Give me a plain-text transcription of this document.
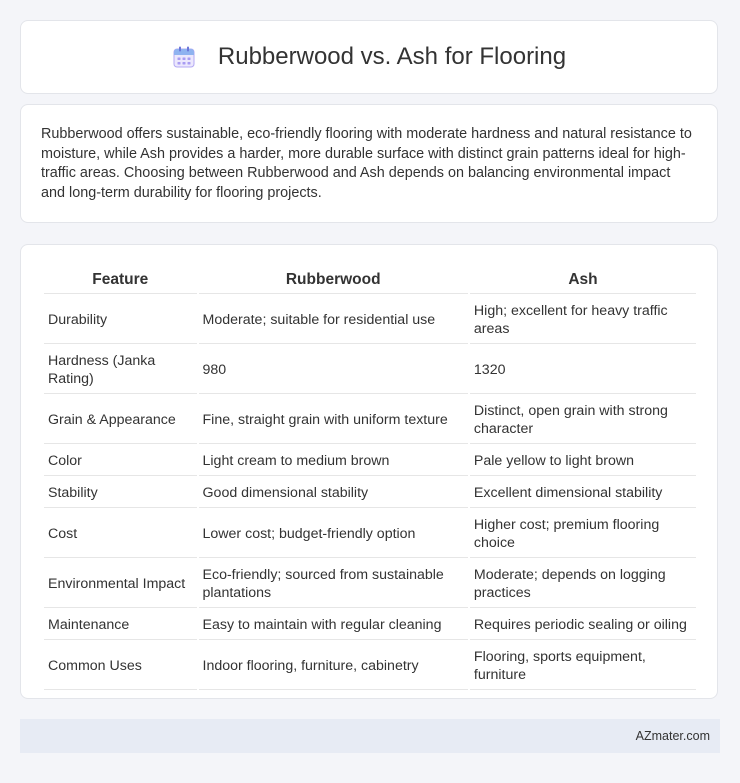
Rubberwood vs. Ash for Flooring

Rubberwood offers sustainable, eco-friendly flooring with moderate hardness and natural resistance to moisture, while Ash provides a harder, more durable surface with distinct grain patterns ideal for high-traffic areas. Choosing between Rubberwood and Ash depends on balancing environmental impact and long-term durability for flooring projects.

Feature	Rubberwood	Ash
Durability	Moderate; suitable for residential use	High; excellent for heavy traffic areas
Hardness (Janka Rating)	980	1320
Grain & Appearance	Fine, straight grain with uniform texture	Distinct, open grain with strong character
Color	Light cream to medium brown	Pale yellow to light brown
Stability	Good dimensional stability	Excellent dimensional stability
Cost	Lower cost; budget-friendly option	Higher cost; premium flooring choice
Environmental Impact	Eco-friendly; sourced from sustainable plantations	Moderate; depends on logging practices
Maintenance	Easy to maintain with regular cleaning	Requires periodic sealing or oiling
Common Uses	Indoor flooring, furniture, cabinetry	Flooring, sports equipment, furniture
AZmater.com
